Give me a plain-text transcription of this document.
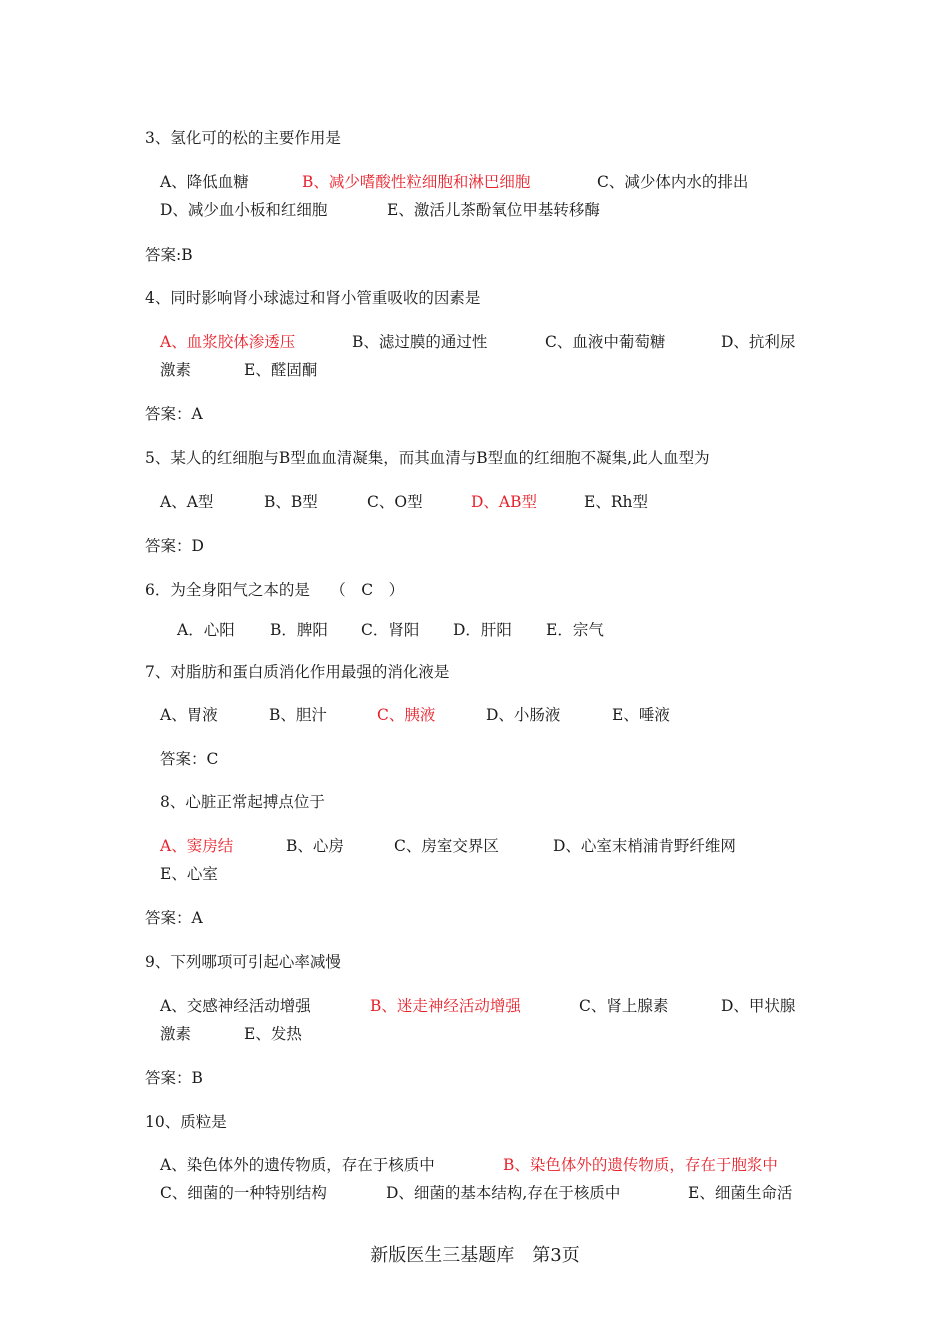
3、氢化可的松的主要作用是
A、降低血糖	B、减少嗜酸性粒细胞和淋巴细胞	C、减少体内水的排出
D、减少血小板和红细胞	E、激活儿茶酚氧位甲基转移酶
答案:B
4、同时影响肾小球滤过和肾小管重吸收的因素是
A、血浆胶体渗透压	B、滤过膜的通过性	C、血液中葡萄糖	D、抗利尿
激素	E、醛固酮
答案：A
5、某人的红细胞与B型血血清凝集，而其血清与B型血的红细胞不凝集,此人血型为
A、A型	B、B型	C、O型	D、AB型	E、Rh型
答案：D
6．为全身阳气之本的是　 （　C　）
A．心阳 B．脾阳 C．肾阳 D．肝阳 E．宗气
7、对脂肪和蛋白质消化作用最强的消化液是
A、胃液	B、胆汁	C、胰液	D、小肠液	E、唾液
答案：C
8、心脏正常起搏点位于
A、窦房结	B、心房	C、房室交界区	D、心室末梢浦肯野纤维网
E、心室
答案：A
9、下列哪项可引起心率减慢
A、交感神经活动增强	B、迷走神经活动增强	C、肾上腺素	D、甲状腺
激素	E、发热
答案：B
10、质粒是
A、染色体外的遗传物质，存在于核质中	B、染色体外的遗传物质，存在于胞浆中
C、细菌的一种特别结构	D、细菌的基本结构,存在于核质中	E、细菌生命活
新版医生三基题库　第3页
